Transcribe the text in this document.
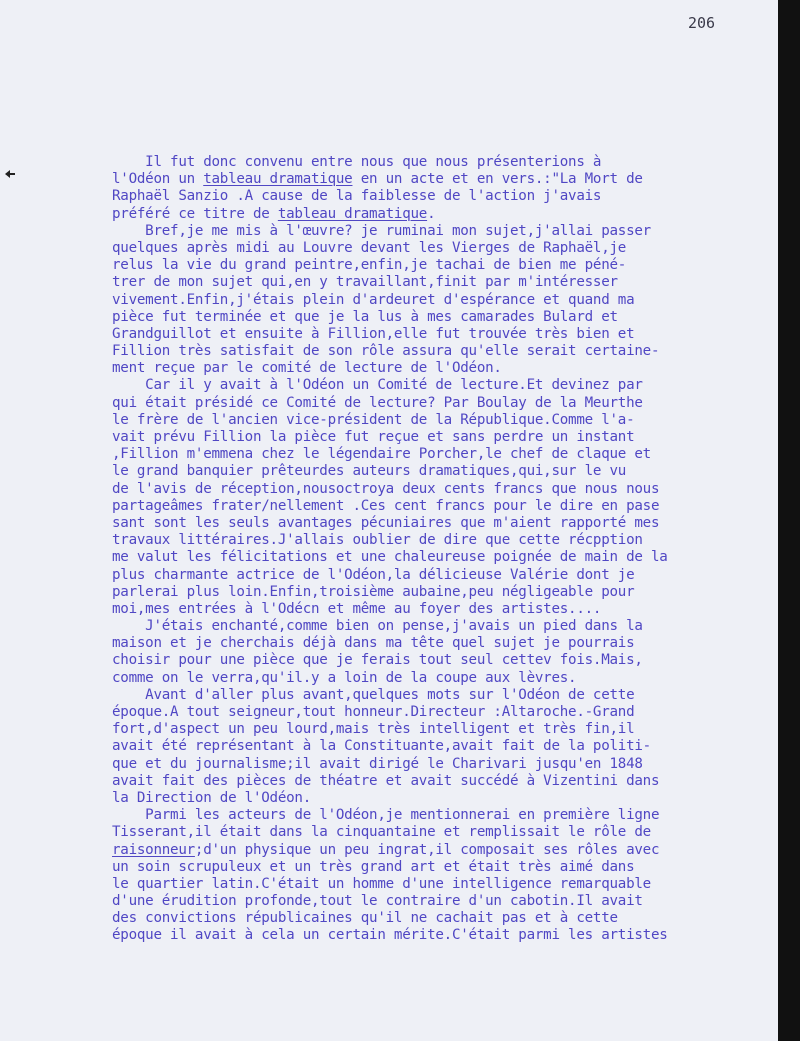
206
Il fut donc convenu entre nous que nous présenterions à
l'Odéon un tableau dramatique en un acte et en vers.:"La Mort de
Raphaël Sanzio .A cause de la faiblesse de l'action j'avais
préféré ce titre de tableau dramatique.
Bref,je me mis à l'œuvre? je ruminai mon sujet,j'allai passer
quelques après midi au Louvre devant les Vierges de Raphaël,je
relus la vie du grand peintre,enfin,je tachai de bien me péné-
trer de mon sujet qui,en y travaillant,finit par m'intéresser
vivement.Enfin,j'étais plein d'ardeuret d'espérance et quand ma
pièce fut terminée et que je la lus à mes camarades Bulard et
Grandguillot et ensuite à Fillion,elle fut trouvée très bien et
Fillion très satisfait de son rôle assura qu'elle serait certaine-
ment reçue par le comité de lecture de l'Odéon.
Car il y avait à l'Odéon un Comité de lecture.Et devinez par
qui était présidé ce Comité de lecture? Par Boulay de la Meurthe
le frère de l'ancien vice-président de la République.Comme l'a-
vait prévu Fillion la pièce fut reçue et sans perdre un instant
,Fillion m'emmena chez le légendaire Porcher,le chef de claque et
le grand banquier prêteurdes auteurs dramatiques,qui,sur le vu
de l'avis de réception,nousoctroya deux cents francs que nous nous
partageâmes frater/nellement .Ces cent francs pour le dire en pase
sant sont les seuls avantages pécuniaires que m'aient rapporté mes
travaux littéraires.J'allais oublier de dire que cette récpption
me valut les félicitations et une chaleureuse poignée de main de la
plus charmante actrice de l'Odéon,la délicieuse Valérie dont je
parlerai plus loin.Enfin,troisième aubaine,peu négligeable pour
moi,mes entrées à l'Odécn et même au foyer des artistes....
J'étais enchanté,comme bien on pense,j'avais un pied dans la
maison et je cherchais déjà dans ma tête quel sujet je pourrais
choisir pour une pièce que je ferais tout seul cettev fois.Mais,
comme on le verra,qu'il.y a loin de la coupe aux lèvres.
Avant d'aller plus avant,quelques mots sur l'Odéon de cette
époque.A tout seigneur,tout honneur.Directeur :Altaroche.-Grand
fort,d'aspect un peu lourd,mais très intelligent et très fin,il
avait été représentant à la Constituante,avait fait de la politi-
que et du journalisme;il avait dirigé le Charivari jusqu'en 1848
avait fait des pièces de théatre et avait succédé à Vizentini dans
la Direction de l'Odéon.
Parmi les acteurs de l'Odéon,je mentionnerai en première ligne
Tisserant,il était dans la cinquantaine et remplissait le rôle de
raisonneur;d'un physique un peu ingrat,il composait ses rôles avec
un soin scrupuleux et un très grand art et était très aimé dans
le quartier latin.C'était un homme d'une intelligence remarquable
d'une érudition profonde,tout le contraire d'un cabotin.Il avait
des convictions républicaines qu'il ne cachait pas et à cette
époque il avait à cela un certain mérite.C'était parmi les artistes
